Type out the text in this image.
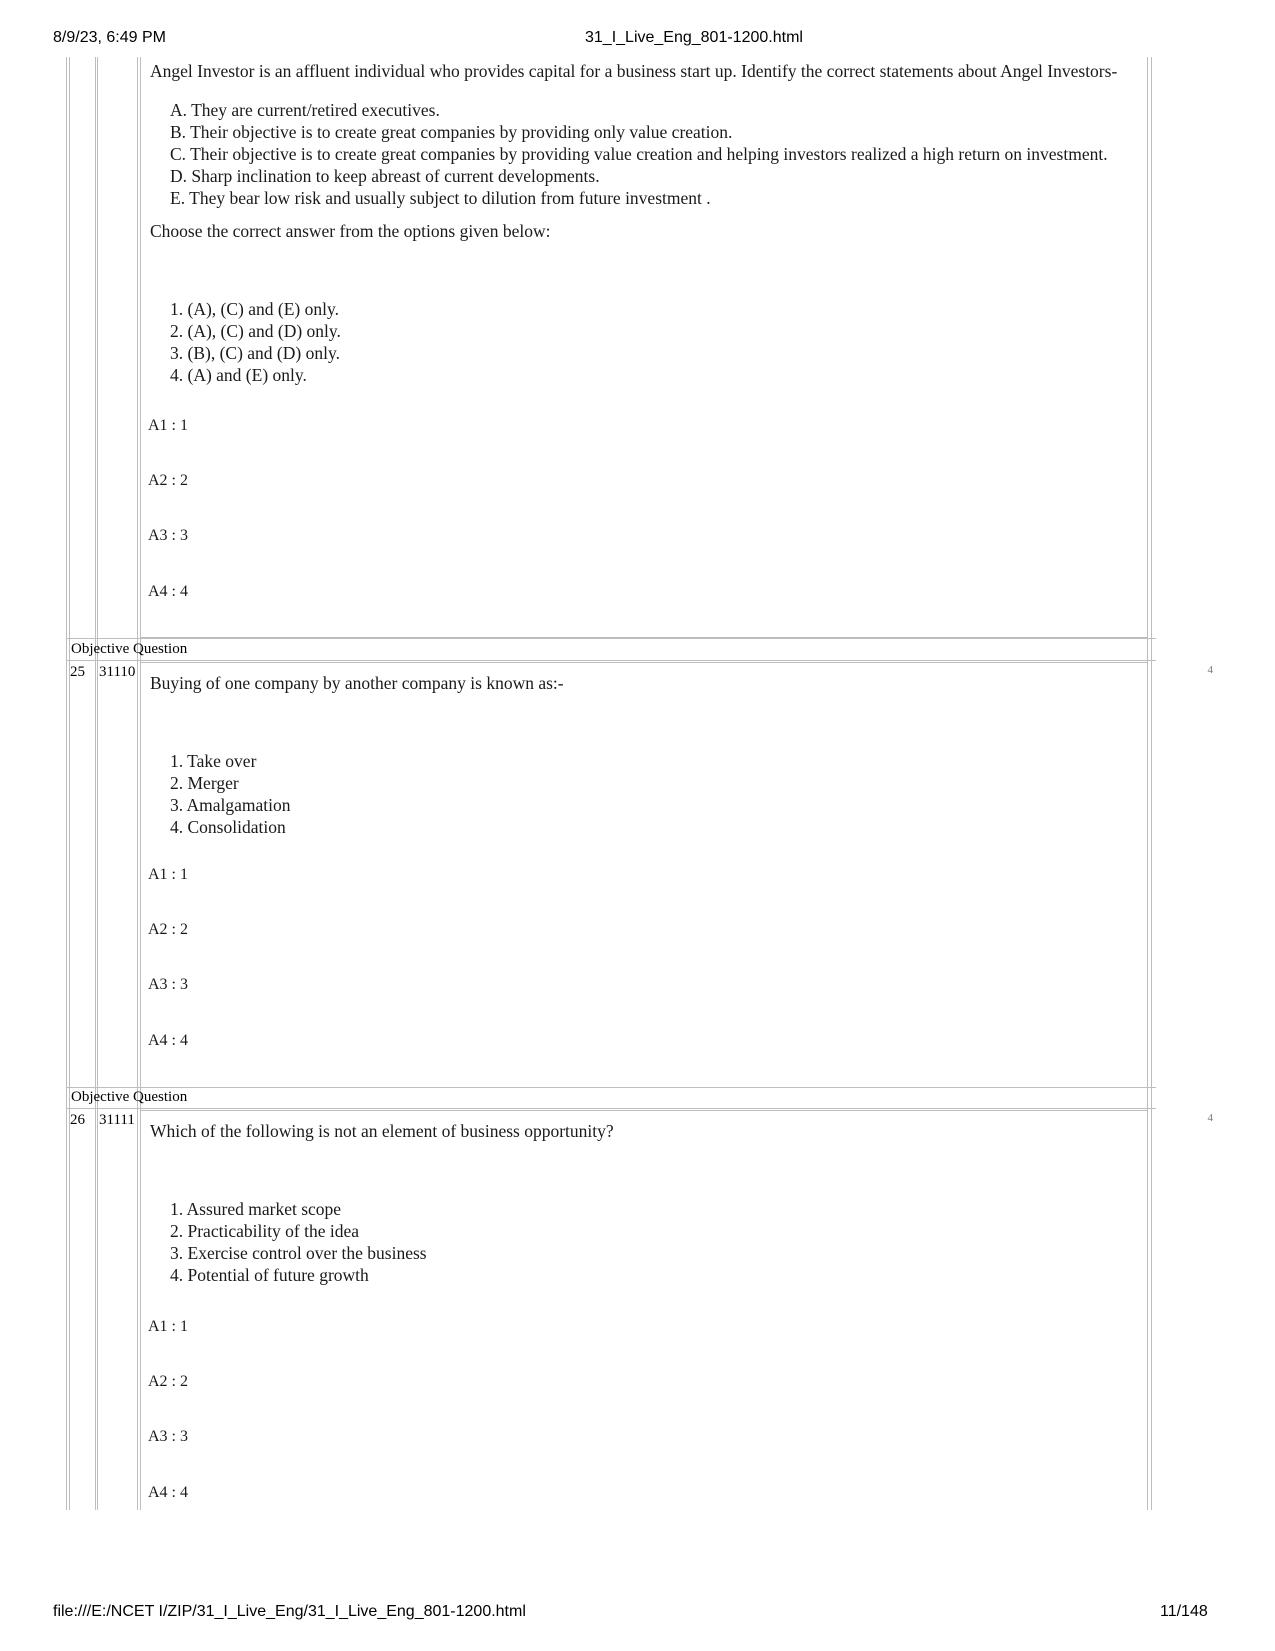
8/9/23, 6:49 PM	31_I_Live_Eng_801-1200.html
Angel Investor is an affluent individual who provides capital for a business start up. Identify the correct statements about Angel Investors-
A. They are current/retired executives.
B. Their objective is to create great companies by providing only value creation.
C. Their objective is to create great companies by providing value creation and helping investors realized a high return on investment.
D. Sharp inclination to keep abreast of current developments.
E. They bear low risk and usually subject to dilution from future investment .
Choose the correct answer from the options given below:
1. (A), (C) and (E) only.
2. (A), (C) and (D) only.
3. (B), (C) and (D) only.
4. (A) and (E) only.
A1 : 1
A2 : 2
A3 : 3
A4 : 4
Objective Question
25 31110	4
Buying of one company by another company is known as:-
1. Take over
2. Merger
3. Amalgamation
4. Consolidation
A1 : 1
A2 : 2
A3 : 3
A4 : 4
Objective Question
26 31111	4
Which of the following is not an element of business opportunity?
1. Assured market scope
2. Practicability of the idea
3. Exercise control over the business
4. Potential of future growth
A1 : 1
A2 : 2
A3 : 3
A4 : 4
file:///E:/NCET I/ZIP/31_I_Live_Eng/31_I_Live_Eng_801-1200.html	11/148
